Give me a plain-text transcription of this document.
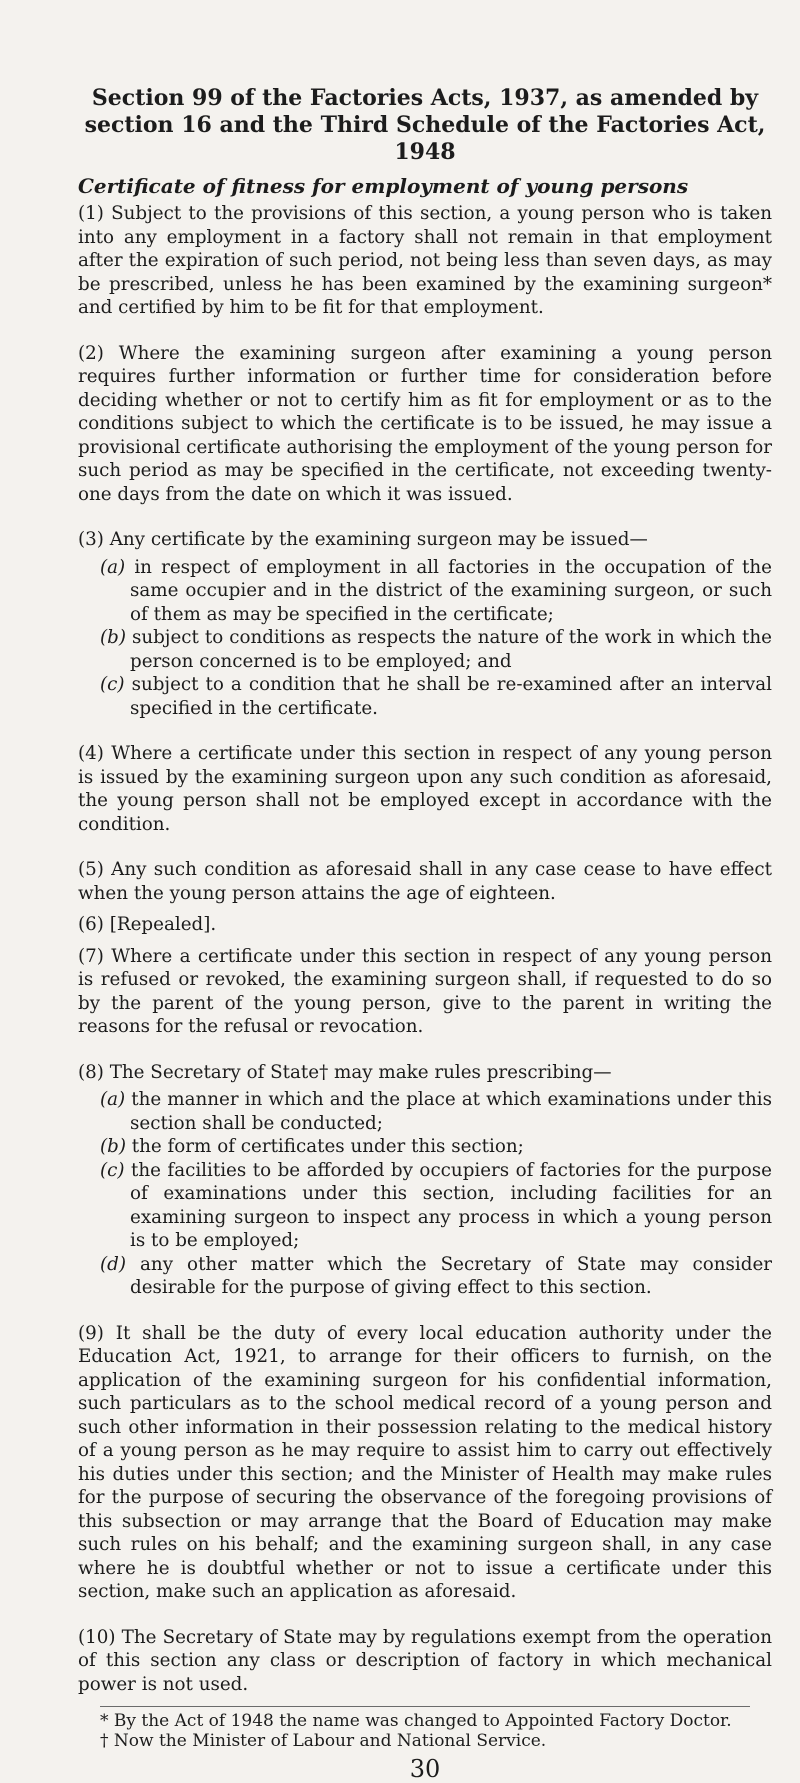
Section 99 of the Factories Acts, 1937, as amended by
section 16 and the Third Schedule of the Factories Act, 1948
Certificate of fitness for employment of young persons

(1) Subject to the provisions of this section, a young person who is taken into any employment in a factory shall not remain in that employment after the expiration of such period, not being less than seven days, as may be prescribed, unless he has been examined by the examining surgeon* and certified by him to be fit for that employment.

(2) Where the examining surgeon after examining a young person requires further information or further time for consideration before deciding whether or not to certify him as fit for employment or as to the conditions subject to which the certificate is to be issued, he may issue a provisional certificate authorising the employment of the young person for such period as may be specified in the certificate, not exceeding twenty-one days from the date on which it was issued.

(3) Any certificate by the examining surgeon may be issued—

(a) in respect of employment in all factories in the occupation of the same occupier and in the district of the examining surgeon, or such of them as may be specified in the certificate;
(b) subject to conditions as respects the nature of the work in which the person concerned is to be employed; and
(c) subject to a condition that he shall be re-examined after an interval specified in the certificate.

(4) Where a certificate under this section in respect of any young person is issued by the examining surgeon upon any such condition as aforesaid, the young person shall not be employed except in accordance with the condition.

(5) Any such condition as aforesaid shall in any case cease to have effect when the young person attains the age of eighteen.

(6) [Repealed].

(7) Where a certificate under this section in respect of any young person is refused or revoked, the examining surgeon shall, if requested to do so by the parent of the young person, give to the parent in writing the reasons for the refusal or revocation.

(8) The Secretary of State† may make rules prescribing—

(a) the manner in which and the place at which examinations under this section shall be conducted;
(b) the form of certificates under this section;
(c) the facilities to be afforded by occupiers of factories for the purpose of examinations under this section, including facilities for an examining surgeon to inspect any process in which a young person is to be employed;
(d) any other matter which the Secretary of State may consider desirable for the purpose of giving effect to this section.

(9) It shall be the duty of every local education authority under the Education Act, 1921, to arrange for their officers to furnish, on the application of the examining surgeon for his confidential information, such particulars as to the school medical record of a young person and such other information in their possession relating to the medical history of a young person as he may require to assist him to carry out effectively his duties under this section; and the Minister of Health may make rules for the purpose of securing the observance of the foregoing provisions of this subsection or may arrange that the Board of Education may make such rules on his behalf; and the examining surgeon shall, in any case where he is doubtful whether or not to issue a certificate under this section, make such an application as aforesaid.

(10) The Secretary of State may by regulations exempt from the operation of this section any class or description of factory in which mechanical power is not used.

* By the Act of 1948 the name was changed to Appointed Factory Doctor.

† Now the Minister of Labour and National Service.

30
